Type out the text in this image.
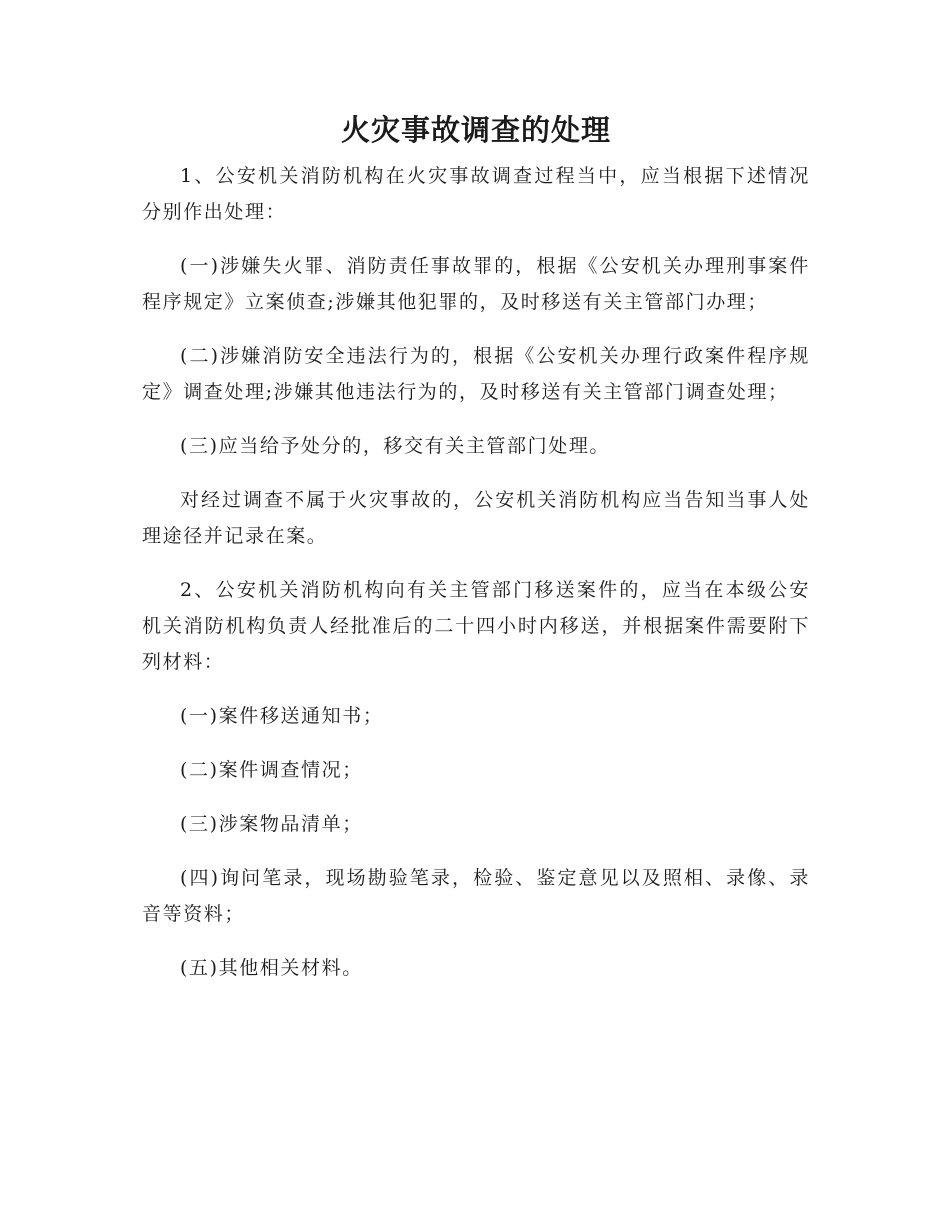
火灾事故调查的处理

1、公安机关消防机构在火灾事故调查过程当中，应当根据下述情况分别作出处理：

(一)涉嫌失火罪、消防责任事故罪的，根据《公安机关办理刑事案件程序规定》立案侦查;涉嫌其他犯罪的，及时移送有关主管部门办理；

(二)涉嫌消防安全违法行为的，根据《公安机关办理行政案件程序规定》调查处理;涉嫌其他违法行为的，及时移送有关主管部门调查处理；

(三)应当给予处分的，移交有关主管部门处理。

对经过调查不属于火灾事故的，公安机关消防机构应当告知当事人处理途径并记录在案。

2、公安机关消防机构向有关主管部门移送案件的，应当在本级公安机关消防机构负责人经批准后的二十四小时内移送，并根据案件需要附下列材料：

(一)案件移送通知书；

(二)案件调查情况；

(三)涉案物品清单；

(四)询问笔录，现场勘验笔录，检验、鉴定意见以及照相、录像、录音等资料；

(五)其他相关材料。
